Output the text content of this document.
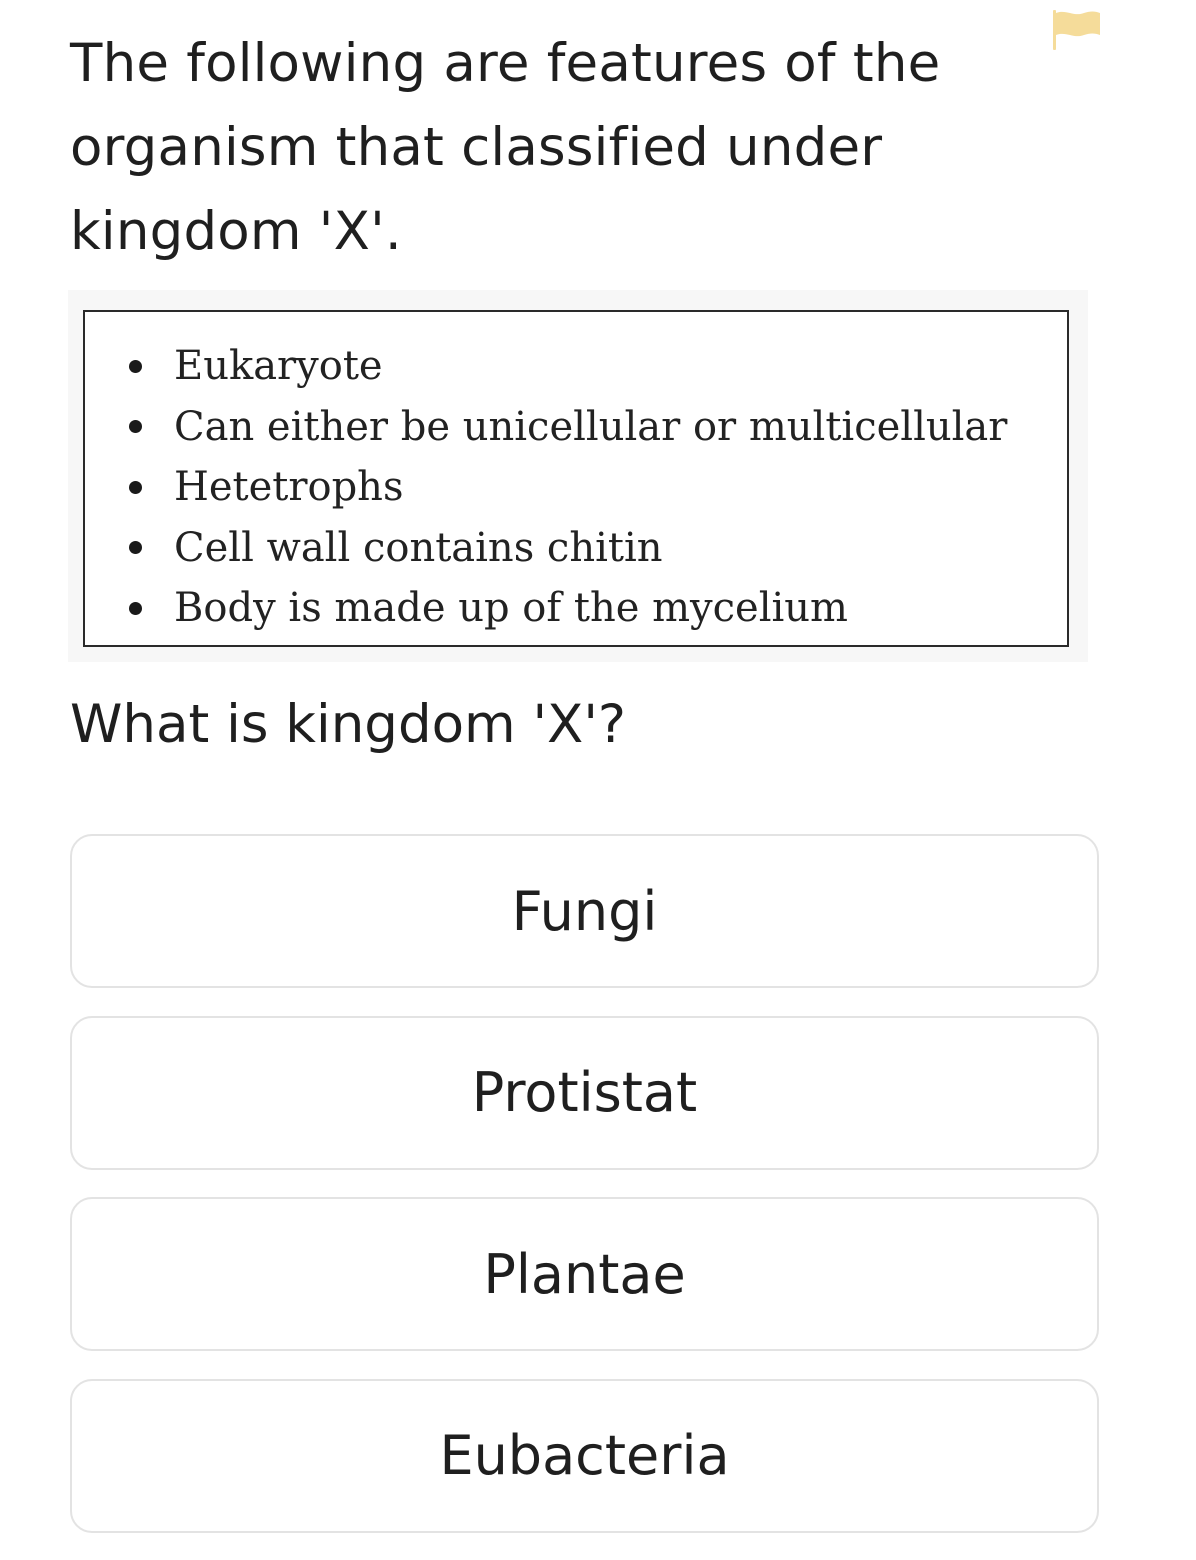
The following are features of the organism that classified under kingdom 'X'.
Eukaryote
Can either be unicellular or multicellular
Hetetrophs
Cell wall contains chitin
Body is made up of the mycelium
What is kingdom 'X'?
Fungi
Protistat
Plantae
Eubacteria
